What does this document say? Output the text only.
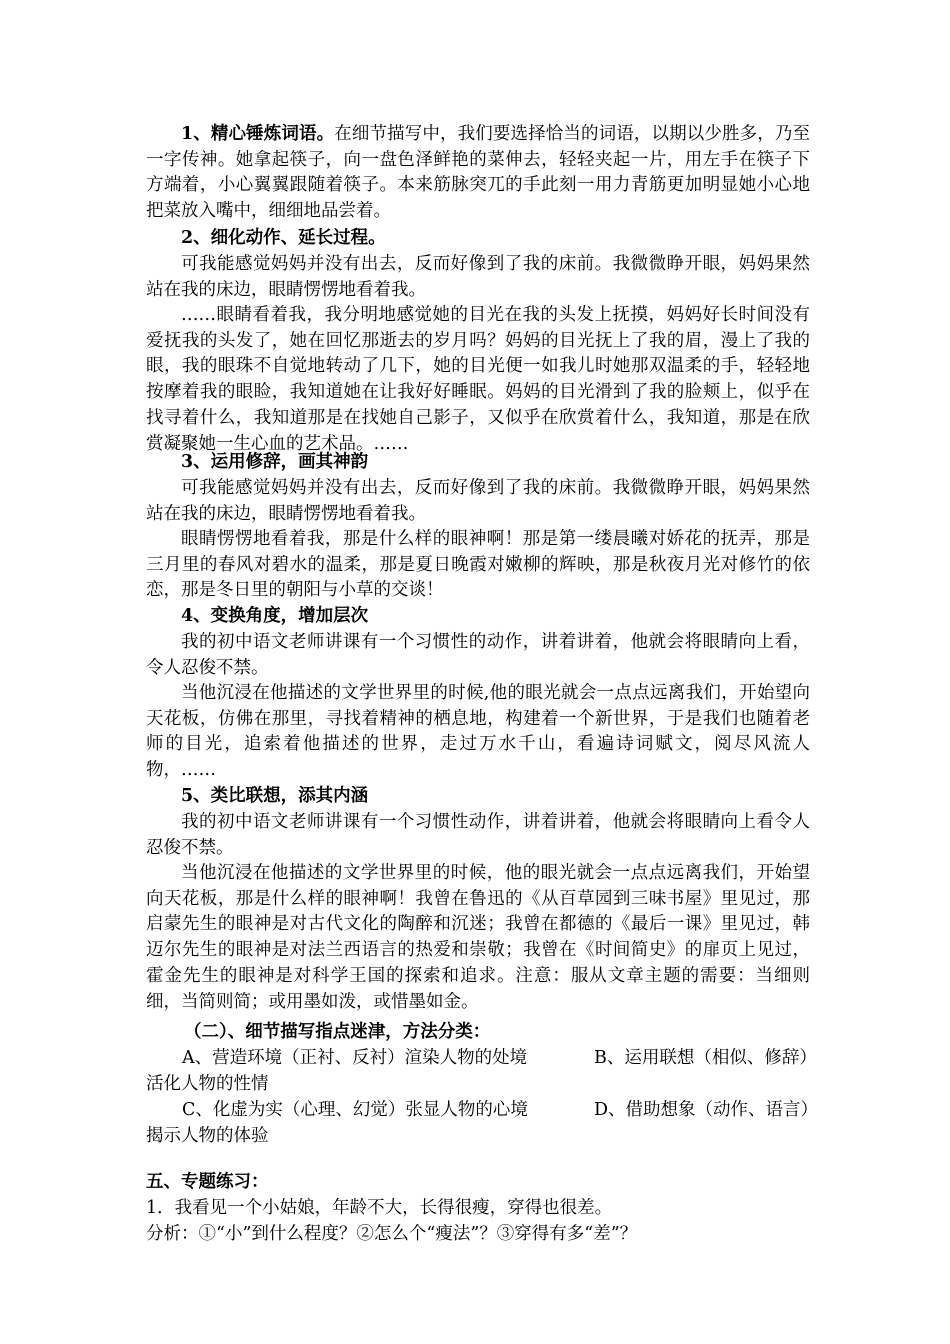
1、精心锤炼词语。在细节描写中，我们要选择恰当的词语，以期以少胜多，乃至一字传神。她拿起筷子，向一盘色泽鲜艳的菜伸去，轻轻夹起一片，用左手在筷子下方端着，小心翼翼跟随着筷子。本来筋脉突兀的手此刻一用力青筋更加明显她小心地把菜放入嘴中，细细地品尝着。

2、细化动作、延长过程。

可我能感觉妈妈并没有出去，反而好像到了我的床前。我微微睁开眼，妈妈果然站在我的床边，眼睛愣愣地看着我。

……眼睛看着我，我分明地感觉她的目光在我的头发上抚摸，妈妈好长时间没有爱抚我的头发了，她在回忆那逝去的岁月吗？妈妈的目光抚上了我的眉，漫上了我的眼，我的眼珠不自觉地转动了几下，她的目光便一如我儿时她那双温柔的手，轻轻地按摩着我的眼睑，我知道她在让我好好睡眠。妈妈的目光滑到了我的脸颊上，似乎在找寻着什么，我知道那是在找她自己影子，又似乎在欣赏着什么，我知道，那是在欣赏凝聚她一生心血的艺术品。……

3、运用修辞，画其神韵

可我能感觉妈妈并没有出去，反而好像到了我的床前。我微微睁开眼，妈妈果然站在我的床边，眼睛愣愣地看着我。

眼睛愣愣地看着我，那是什么样的眼神啊！那是第一缕晨曦对娇花的抚弄，那是三月里的春风对碧水的温柔，那是夏日晚霞对嫩柳的辉映，那是秋夜月光对修竹的依恋，那是冬日里的朝阳与小草的交谈！

4、变换角度，增加层次

我的初中语文老师讲课有一个习惯性的动作，讲着讲着，他就会将眼睛向上看，令人忍俊不禁。

当他沉浸在他描述的文学世界里的时候,他的眼光就会一点点远离我们，开始望向天花板，仿佛在那里，寻找着精神的栖息地，构建着一个新世界，于是我们也随着老师的目光，追索着他描述的世界，走过万水千山，看遍诗词赋文，阅尽风流人物，……

5、类比联想，添其内涵

我的初中语文老师讲课有一个习惯性动作，讲着讲着，他就会将眼睛向上看令人忍俊不禁。

当他沉浸在他描述的文学世界里的时候，他的眼光就会一点点远离我们，开始望向天花板，那是什么样的眼神啊！我曾在鲁迅的《从百草园到三味书屋》里见过，那启蒙先生的眼神是对古代文化的陶醉和沉迷；我曾在都德的《最后一课》里见过，韩迈尔先生的眼神是对法兰西语言的热爱和崇敬；我曾在《时间简史》的扉页上见过，霍金先生的眼神是对科学王国的探索和追求。注意：服从文章主题的需要：当细则细，当简则简；或用墨如泼，或惜墨如金。

（二）、细节描写指点迷津，方法分类：

A、营造环境（正衬、反衬）渲染人物的处境	B、运用联想（相似、修辞）
活化人物的性情
C、化虚为实（心理、幻觉）张显人物的心境	D、借助想象（动作、语言）
揭示人物的体验

五、专题练习：

1．我看见一个小姑娘，年龄不大，长得很瘦，穿得也很差。

分析：①“小”到什么程度？②怎么个“瘦法”？③穿得有多“差”？
